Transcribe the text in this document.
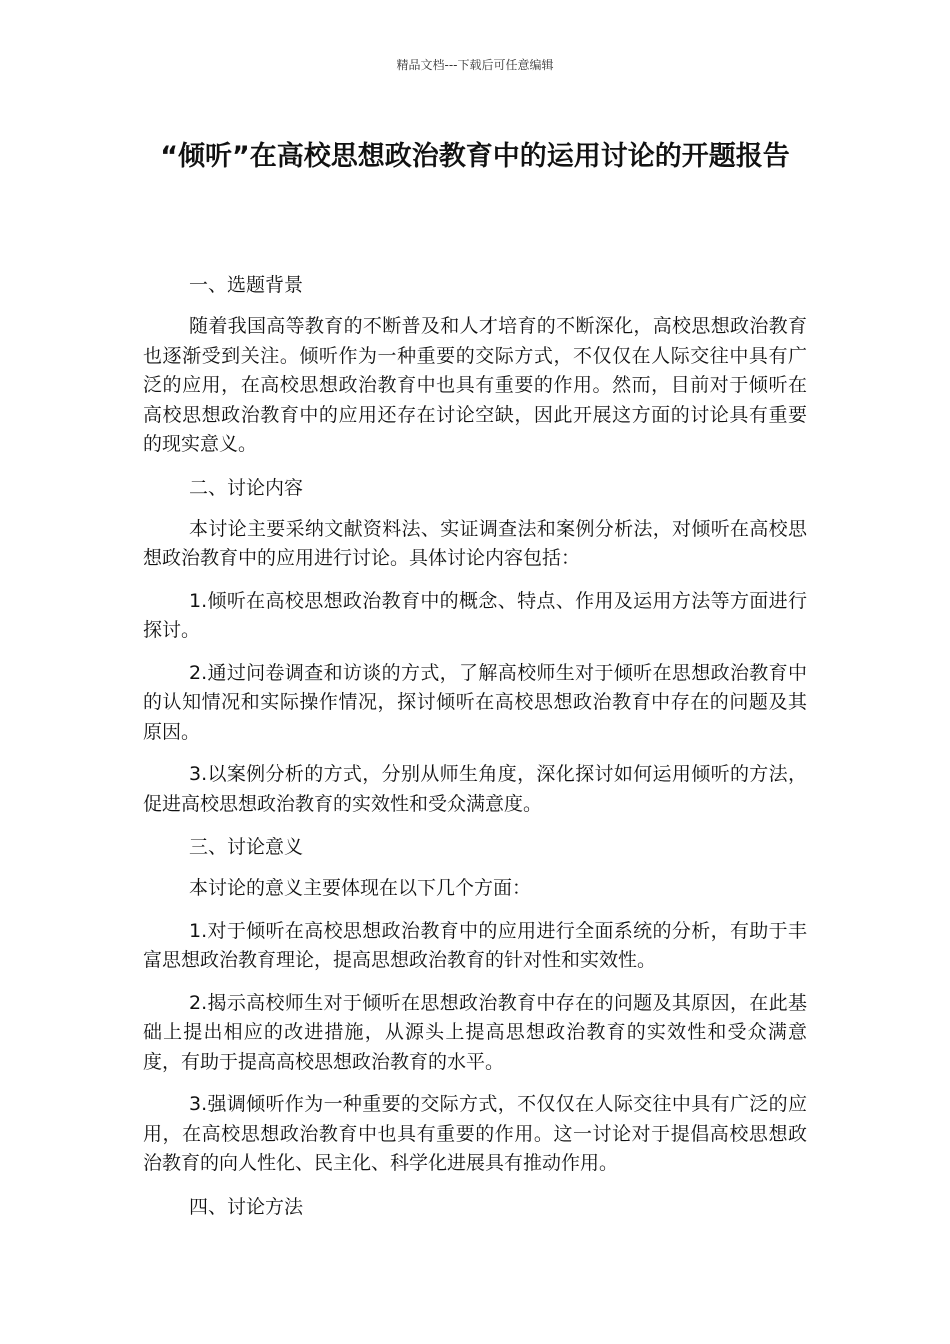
精品文档---下载后可任意编辑
“倾听”在高校思想政治教育中的运用讨论的开题报告
一、选题背景

随着我国高等教育的不断普及和人才培育的不断深化，高校思想政治教育也逐渐受到关注。倾听作为一种重要的交际方式，不仅仅在人际交往中具有广泛的应用，在高校思想政治教育中也具有重要的作用。然而，目前对于倾听在高校思想政治教育中的应用还存在讨论空缺，因此开展这方面的讨论具有重要的现实意义。

二、讨论内容

本讨论主要采纳文献资料法、实证调查法和案例分析法，对倾听在高校思想政治教育中的应用进行讨论。具体讨论内容包括：

1.倾听在高校思想政治教育中的概念、特点、作用及运用方法等方面进行探讨。

2.通过问卷调查和访谈的方式，了解高校师生对于倾听在思想政治教育中的认知情况和实际操作情况，探讨倾听在高校思想政治教育中存在的问题及其原因。

3.以案例分析的方式，分别从师生角度，深化探讨如何运用倾听的方法，促进高校思想政治教育的实效性和受众满意度。

三、讨论意义

本讨论的意义主要体现在以下几个方面：

1.对于倾听在高校思想政治教育中的应用进行全面系统的分析，有助于丰富思想政治教育理论，提高思想政治教育的针对性和实效性。

2.揭示高校师生对于倾听在思想政治教育中存在的问题及其原因，在此基础上提出相应的改进措施，从源头上提高思想政治教育的实效性和受众满意度，有助于提高高校思想政治教育的水平。

3.强调倾听作为一种重要的交际方式，不仅仅在人际交往中具有广泛的应用，在高校思想政治教育中也具有重要的作用。这一讨论对于提倡高校思想政治教育的向人性化、民主化、科学化进展具有推动作用。

四、讨论方法
